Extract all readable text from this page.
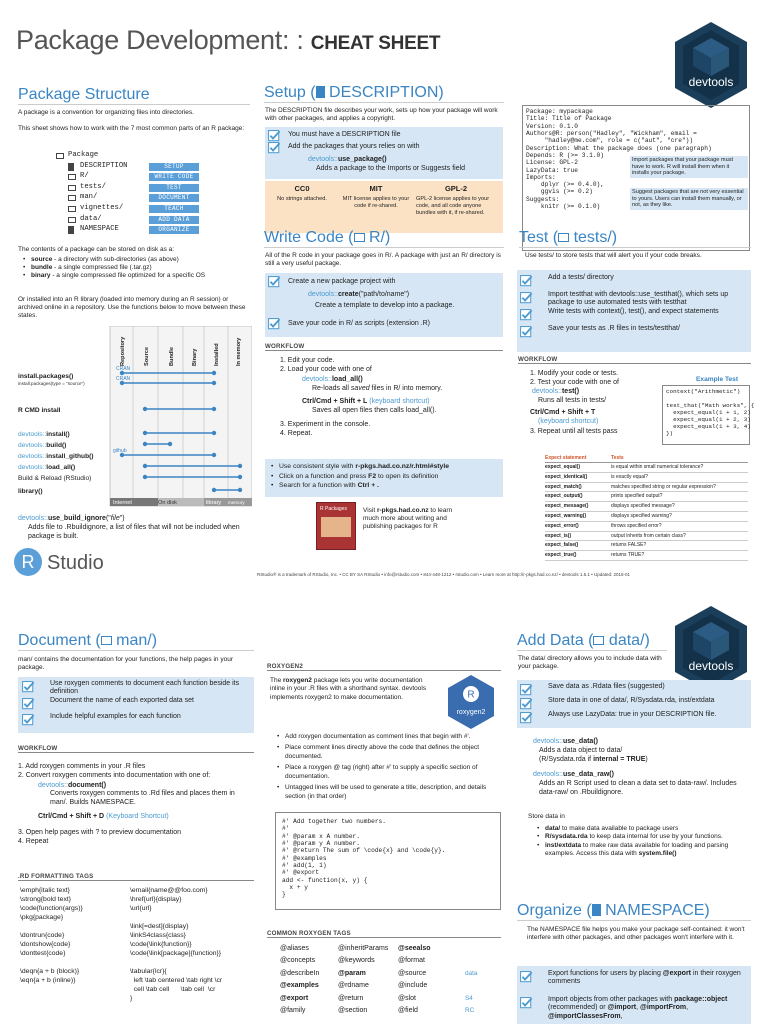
Package Development: : CHEAT SHEET
devtools
Package Structure
A package is a convention for organizing files into directories.
This sheet shows how to work with the 7 most common parts of an R package:
Package
DESCRIPTION	SETUP
R/	WRITE CODE
tests/	TEST
man/	DOCUMENT
vignettes/	TEACH
data/	ADD DATA
NAMESPACE	ORGANIZE
The contents of a package can be stored on disk as a:
• source - a directory with sub-directories (as above)
• bundle - a single compressed file (.tar.gz)
• binary - a single compressed file optimized for a specific OS
Or installed into an R library (loaded into memory during an R session) or archived online in a repository. Use the functions below to move between these states.
Repository	Source	Bundle	Binary	Installed	In memory
install.packages()
R CMD install
install.packages(type = "source")
devtools::install()
devtools::build()
devtools::install_github()
devtools::load_all()
Build & Reload (RStudio)
library()
CRAN
CRAN
github
Internet	On disk	library memory
devtools::use_build_ignore("file")
Adds file to .Rbuildignore, a list of files that will not be included when package is built.
R Studio
Setup ( DESCRIPTION)
The DESCRIPTION file describes your work, sets up how your package will work with other packages, and applies a copyright.
You must have a DESCRIPTION file
Add the packages that yours relies on with
devtools::use_package()
Adds a package to the Imports or Suggests field
CC0
No strings attached.
MIT
MIT license applies to your code if re-shared.
GPL-2
GPL-2 license applies to your code, and all code anyone bundles with it, if re-shared.
Package: mypackage
Title: Title of Package
Version: 0.1.0
Authors@R: person("Hadley", "Wickham", email =
"hadley@me.com", role = c("aut", "cre"))
Description: What the package does (one paragraph)
Depends: R (>= 3.1.0)
License: GPL-2
LazyData: true
Imports:
dplyr (>= 0.4.0),
ggvis (>= 0.2)
Suggests:
knitr (>= 0.1.0)
Import packages that your package must have to work. R will install them when it installs your package.
Suggest packages that are not very essential to yours. Users can install them manually, or not, as they like.
Write Code ( R/)
All of the R code in your package goes in R/. A package with just an R/ directory is still a very useful package.
Create a new package project with
devtools::create("path/to/name")
Create a template to develop into a package.
Save your code in R/ as scripts (extension .R)
WORKFLOW
1. Edit your code.
2. Load your code with one of
devtools::load_all()
Re-loads all saved files in R/ into memory.
Ctrl/Cmd + Shift + L (keyboard shortcut)
Saves all open files then calls load_all().
3. Experiment in the console.
4. Repeat.
• Use consistent style with r-pkgs.had.co.nz/r.html#style
• Click on a function and press F2 to open its definition
• Search for a function with Ctrl + .
R Packages Visit r-pkgs.had.co.nz to learn much more about writing and publishing packages for R
Test ( tests/)
Use tests/ to store tests that will alert you if your code breaks.
Add a tests/ directory
Import testthat with devtools::use_testthat(), which sets up package to use automated tests with testthat
Write tests with context(), test(), and expect statements
Save your tests as .R files in tests/testthat/
WORKFLOW
1. Modify your code or tests.
2. Test your code with one of
devtools::test()
Runs all tests in tests/
Ctrl/Cmd + Shift + T
(keyboard shortcut)
3. Repeat until all tests pass
Example Test
context("Arithmetic")

test_that("Math works", {
expect_equal(1 + 1, 2)
expect_equal(1 + 2, 3)
expect_equal(1 + 3, 4)
})
Expect statement	Tests
expect_equal()	is equal within small numerical tolerance?
expect_identical()	is exactly equal?
expect_match()	matches specified string or regular expression?
expect_output()	prints specified output?
expect_message()	displays specified message?
expect_warning()	displays specified warning?
expect_error()	throws specified error?
expect_is()	output inherits from certain class?
expect_false()	returns FALSE?
expect_true()	returns TRUE?
RStudio® is a trademark of RStudio, Inc. • CC BY SA RStudio • info@rstudio.com • 844-448-1212 • rstudio.com • Learn more at http://r-pkgs.had.co.nz/ • devtools 1.5.1 • Updated: 2015-01
Document ( man/)
man/ contains the documentation for your functions, the help pages in your package.
Use roxygen comments to document each function beside its definition
Document the name of each exported data set
Include helpful examples for each function
WORKFLOW
1. Add roxygen comments in your .R files
2. Convert roxygen comments into documentation with one of:
devtools::document()
Converts roxygen comments to .Rd files and places them in man/. Builds NAMESPACE.
Ctrl/Cmd + Shift + D (Keyboard Shortcut)
3. Open help pages with ? to preview documentation
4. Repeat
.RD FORMATTING TAGS
\emph{italic text}
\strong{bold text}
\code{function(args)}
\pkg{package}
\dontrun{code}
\dontshow{code}
\donttest{code}
\deqn{a + b (block)}
\eqn{a + b (inline)}
\email{name@@foo.com}
\href{url}{display}
\url{url}
\link[=dest]{display}
\linkS4class{class}
\code{\link{function}}
\code{\link[package]{function}}
\tabular{lcr}{
left \tab centered \tab right \cr
cell \tab cell      \tab cell  \cr
}
ROXYGEN2
The roxygen2 package lets you write documentation inline in your .R files with a shorthand syntax. devtools implements roxygen2 to make documentation.	R
roxygen2
• Add roxygen documentation as comment lines that begin with #'.
• Place comment lines directly above the code that defines the object documented.
• Place a roxygen @ tag (right) after #' to supply a specific section of documentation.
• Untagged lines will be used to generate a title, description, and details section (in that order)
#' Add together two numbers.
#'
#' @param x A number.
#' @param y A number.
#' @return The sum of \code{x} and \code{y}.
#' @examples
#' add(1, 1)
#' @export
add <- function(x, y) {
x + y
}
COMMON ROXYGEN TAGS
@aliases	@inheritParams @seealso
@concepts	@keywords	@format
@describeIn	@param	@source	data
@examples	@rdname	@include
@export	@return	@slot	S4
@family	@section	@field	RC
devtools
Add Data ( data/)
The data/ directory allows you to include data with your package.
Save data as .Rdata files (suggested)
Store data in one of data/, R/Sysdata.rda, inst/extdata
Always use LazyData: true in your DESCRIPTION file.
devtools::use_data()
Adds a data object to data/
(R/Sysdata.rda if internal = TRUE)
devtools::use_data_raw()
Adds an R Script used to clean a data set to data-raw/. Includes data-raw/ on .Rbuildignore.
Store data in
• data/ to make data available to package users
• R/sysdata.rda to keep data internal for use by your functions.
• inst/extdata to make raw data available for loading and parsing examples. Access this data with system.file()
Organize ( NAMESPACE)
The NAMESPACE file helps you make your package self-contained: it won't interfere with other packages, and other packages won't interfere with it.
Export functions for users by placing @export in their roxygen comments
Import objects from other packages with package::object (recommended) or @import, @importFrom, @importClassesFrom,
